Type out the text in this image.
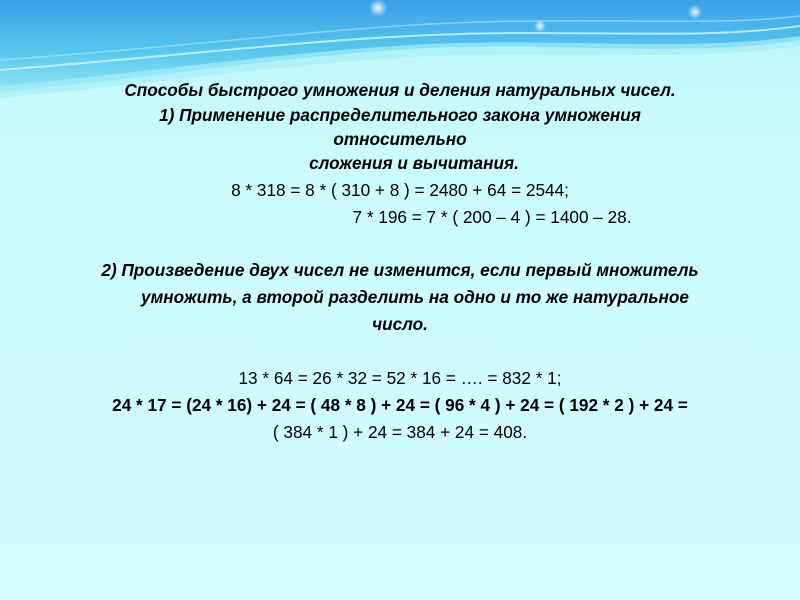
Способы быстрого умножения и деления натуральных чисел.
1) Применение распределительного закона умножения
относительно
сложения и вычитания.
8 * 318 = 8 * ( 310 + 8 ) = 2480 + 64 = 2544;
7 * 196 = 7 * ( 200 – 4 ) = 1400 – 28.
2) Произведение двух чисел не изменится, если первый множитель
умножить, а второй разделить на одно и то же натуральное
число.
13 * 64 = 26 * 32 = 52 * 16 = …. = 832 * 1;
24 * 17 = (24 * 16) + 24 = ( 48 * 8 ) + 24 = ( 96 * 4 ) + 24 = ( 192 * 2 ) + 24 =
( 384 * 1 ) + 24 = 384 + 24 = 408.
